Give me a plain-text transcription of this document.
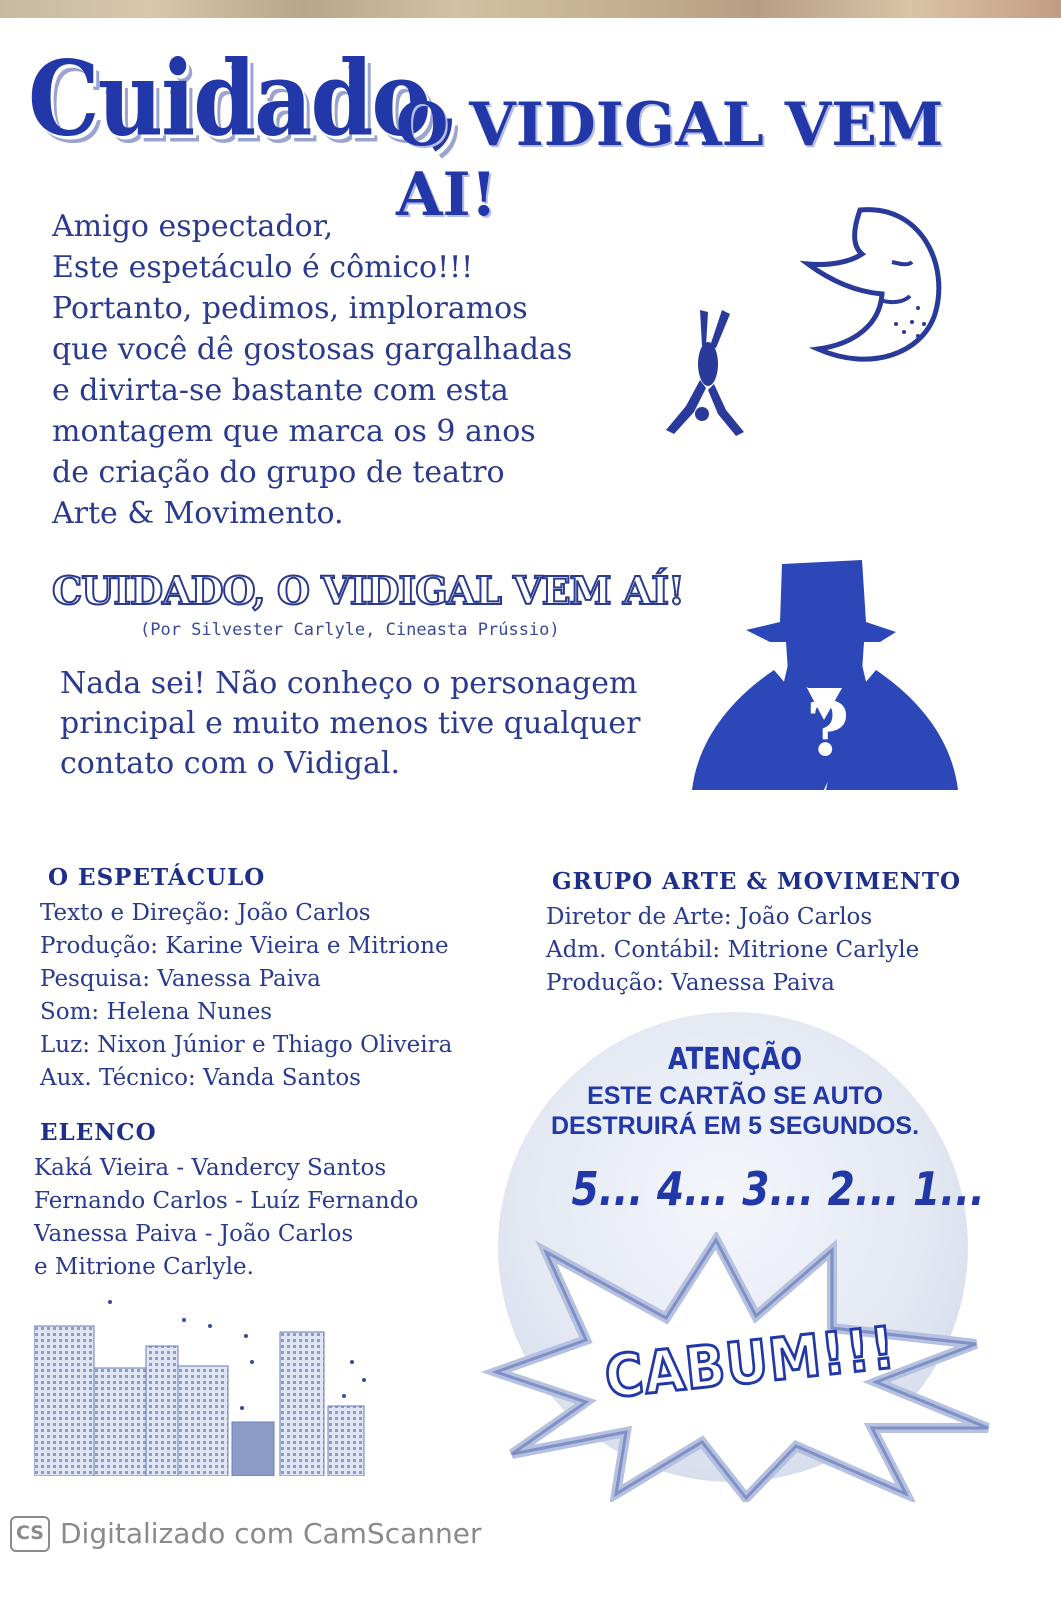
Cuidado,
O VIDIGAL VEM AI!
Amigo espectador,
Este espetáculo é cômico!!!
Portanto, pedimos, imploramos
que você dê gostosas gargalhadas
e divirta-se bastante com esta
montagem que marca os 9 anos
de criação do grupo de teatro
Arte & Movimento.
CUIDADO, O VIDIGAL VEM AÍ!
(Por Silvester Carlyle, Cineasta Prússio)
Nada sei! Não conheço o personagem
principal e muito menos tive qualquer
contato com o Vidigal.	?
O ESPETÁCULO
Texto e Direção: João Carlos
Produção: Karine Vieira e Mitrione
Pesquisa: Vanessa Paiva
Som: Helena Nunes
Luz: Nixon Júnior e Thiago Oliveira
Aux. Técnico: Vanda Santos
ELENCO
Kaká Vieira - Vandercy Santos
Fernando Carlos - Luíz Fernando
Vanessa Paiva - João Carlos
e Mitrione Carlyle.
GRUPO ARTE & MOVIMENTO
Diretor de Arte: João Carlos
Adm. Contábil: Mitrione Carlyle
Produção: Vanessa Paiva
ATENÇÃO
ESTE CARTÃO SE AUTO
DESTRUIRÁ EM 5 SEGUNDOS.
5... 4... 3... 2... 1...
CABUM!!!
CS Digitalizado com CamScanner
